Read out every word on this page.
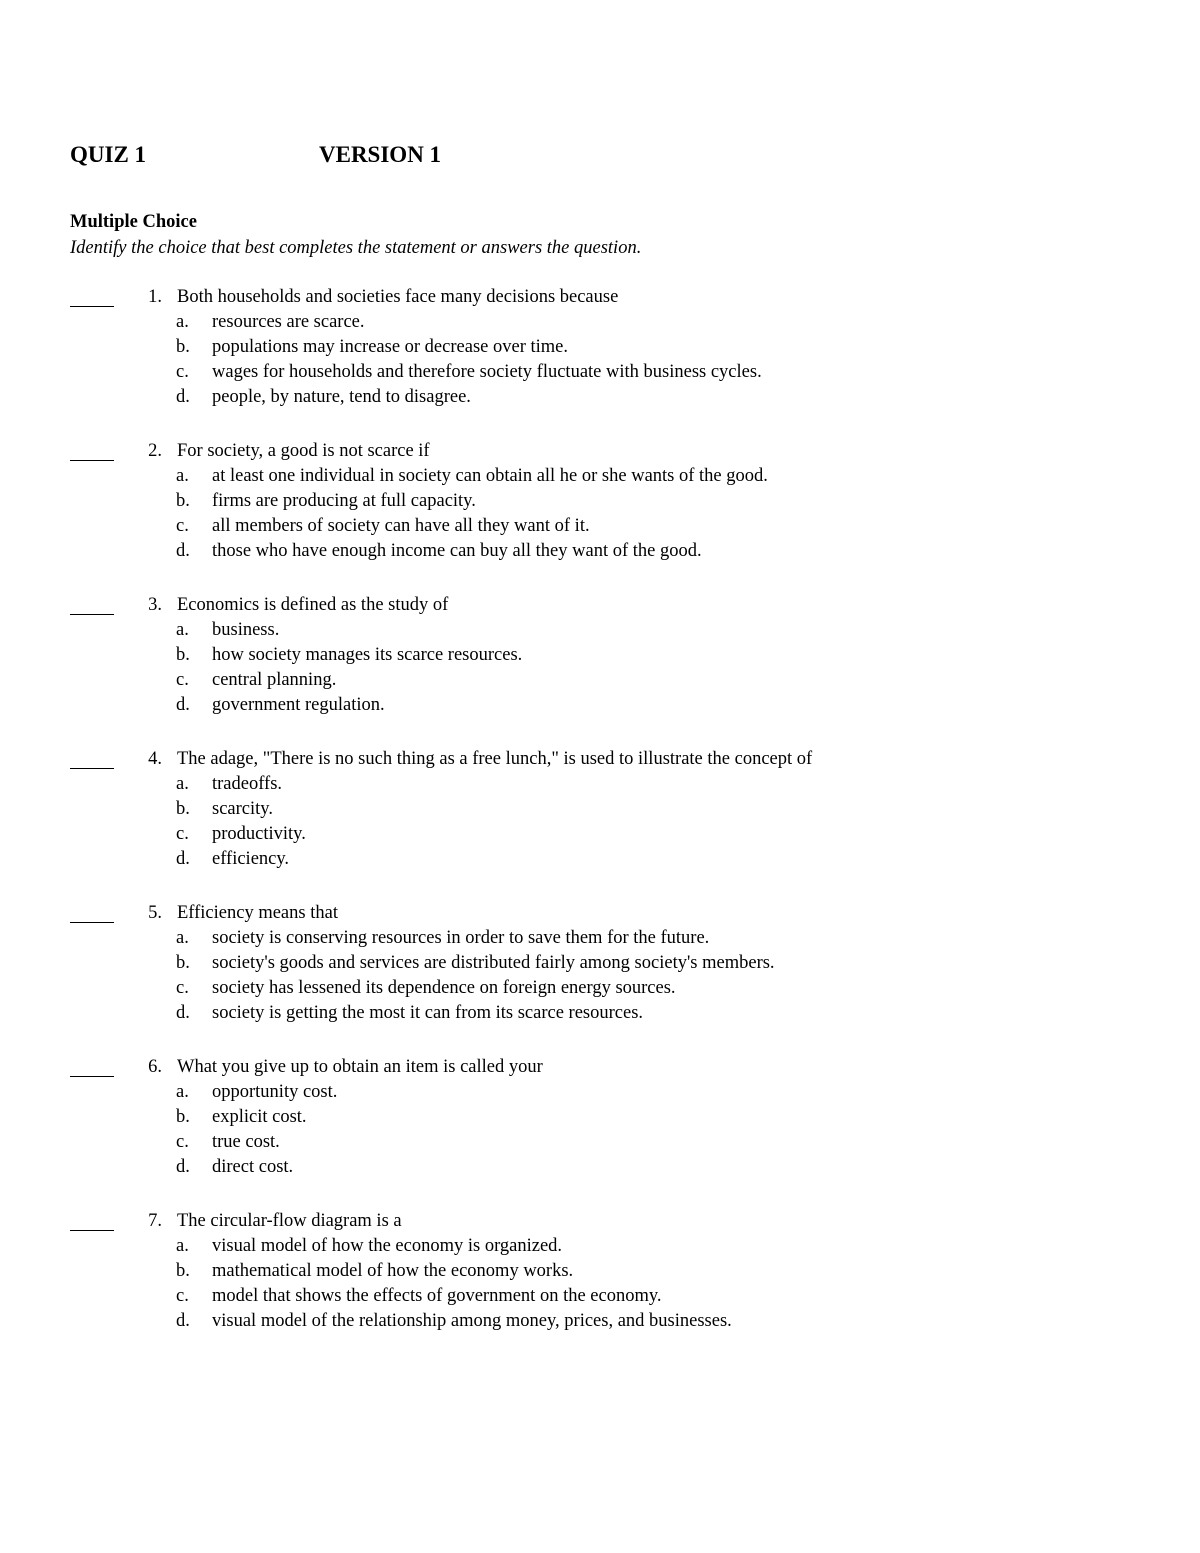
QUIZ 1	VERSION 1
Multiple Choice
Identify the choice that best completes the statement or answers the question.
1. Both households and societies face many decisions because
a. resources are scarce.
b. populations may increase or decrease over time.
c. wages for households and therefore society fluctuate with business cycles.
d. people, by nature, tend to disagree.
2. For society, a good is not scarce if
a. at least one individual in society can obtain all he or she wants of the good.
b. firms are producing at full capacity.
c. all members of society can have all they want of it.
d. those who have enough income can buy all they want of the good.
3. Economics is defined as the study of
a. business.
b. how society manages its scarce resources.
c. central planning.
d. government regulation.
4. The adage, "There is no such thing as a free lunch," is used to illustrate the concept of
a. tradeoffs.
b. scarcity.
c. productivity.
d. efficiency.
5. Efficiency means that
a. society is conserving resources in order to save them for the future.
b. society's goods and services are distributed fairly among society's members.
c. society has lessened its dependence on foreign energy sources.
d. society is getting the most it can from its scarce resources.
6. What you give up to obtain an item is called your
a. opportunity cost.
b. explicit cost.
c. true cost.
d. direct cost.
7. The circular-flow diagram is a
a. visual model of how the economy is organized.
b. mathematical model of how the economy works.
c. model that shows the effects of government on the economy.
d. visual model of the relationship among money, prices, and businesses.
